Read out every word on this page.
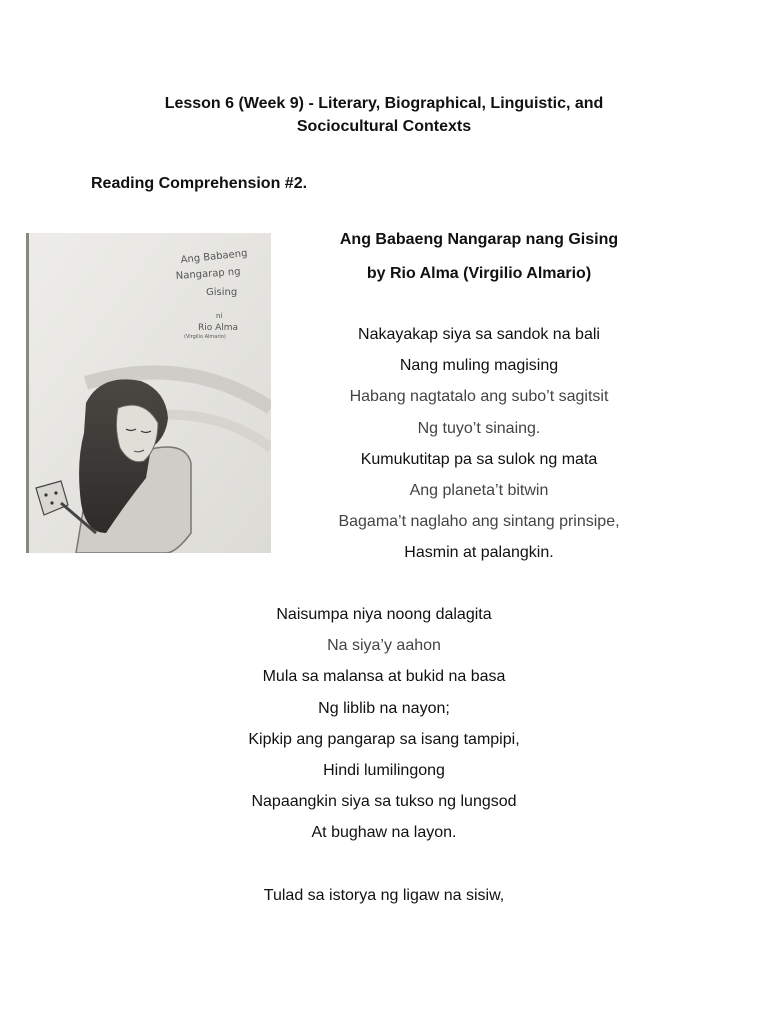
Lesson 6 (Week 9) - Literary, Biographical, Linguistic, and
Sociocultural Contexts
Reading Comprehension #2.
Ang Babaeng
Nangarap ng
Gising
ni
Rio Alma
(Virgilio Almario)
Ang Babaeng Nangarap nang Gising
by Rio Alma (Virgilio Almario)
Nakayakap siya sa sandok na bali
Nang muling magising
Habang nagtatalo ang subo’t sagitsit
Ng tuyo’t sinaing.
Kumukutitap pa sa sulok ng mata
Ang planeta’t bitwin
Bagama’t naglaho ang sintang prinsipe,
Hasmin at palangkin.
Naisumpa niya noong dalagita
Na siya’y aahon
Mula sa malansa at bukid na basa
Ng liblib na nayon;
Kipkip ang pangarap sa isang tampipi,
Hindi lumilingong
Napaangkin siya sa tukso ng lungsod
At bughaw na layon.
Tulad sa istorya ng ligaw na sisiw,
